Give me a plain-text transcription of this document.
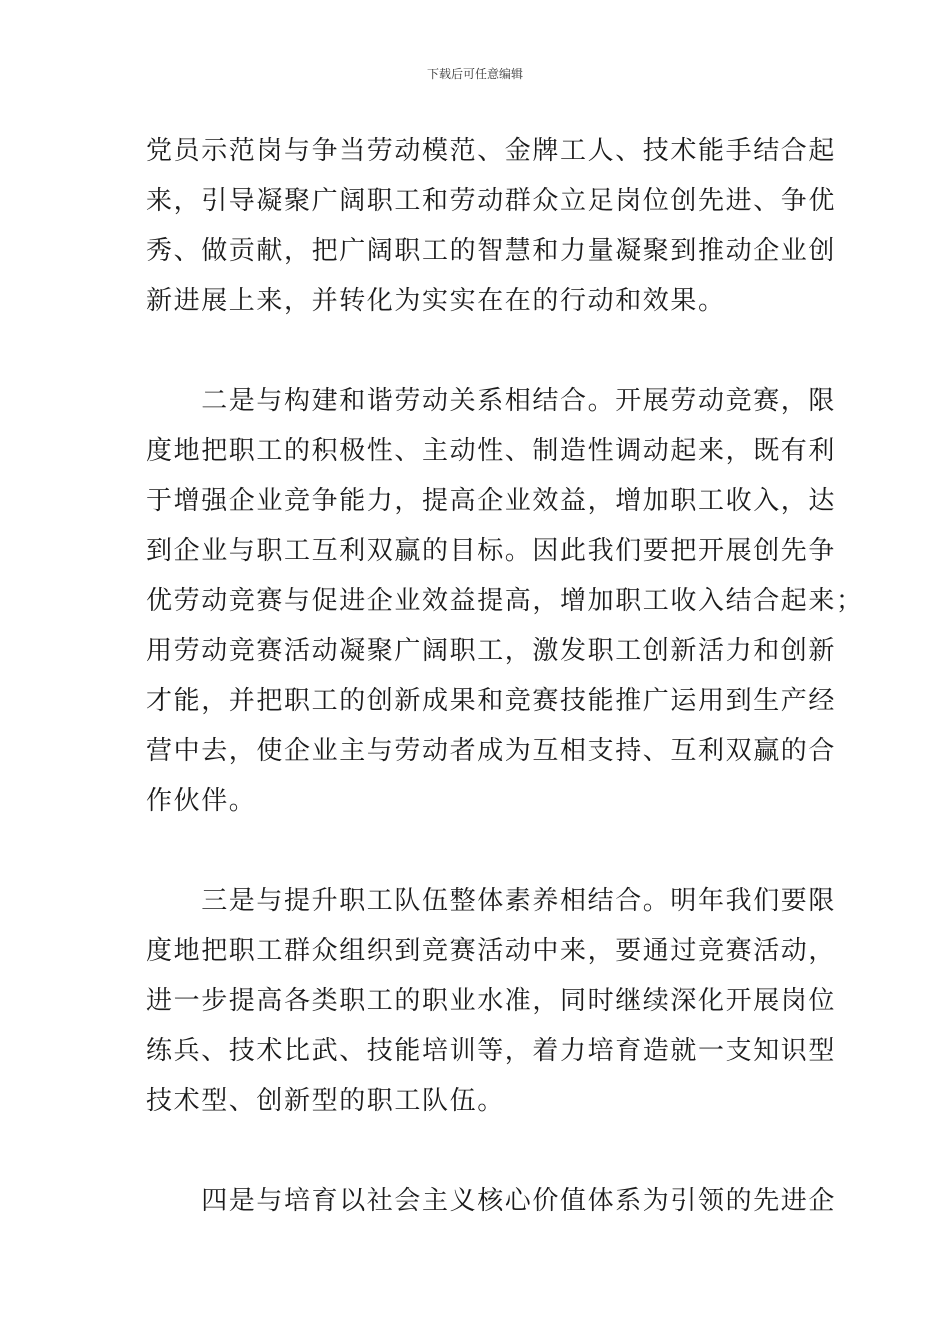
下载后可任意编辑
党员示范岗与争当劳动模范、金牌工人、技术能手结合起
来，引导凝聚广阔职工和劳动群众立足岗位创先进、争优
秀、做贡献，把广阔职工的智慧和力量凝聚到推动企业创
新进展上来，并转化为实实在在的行动和效果。
　　二是与构建和谐劳动关系相结合。开展劳动竞赛，限
度地把职工的积极性、主动性、制造性调动起来，既有利
于增强企业竞争能力，提高企业效益，增加职工收入，达
到企业与职工互利双赢的目标。因此我们要把开展创先争
优劳动竞赛与促进企业效益提高，增加职工收入结合起来；
用劳动竞赛活动凝聚广阔职工，激发职工创新活力和创新
才能，并把职工的创新成果和竞赛技能推广运用到生产经
营中去，使企业主与劳动者成为互相支持、互利双赢的合
作伙伴。
　　三是与提升职工队伍整体素养相结合。明年我们要限
度地把职工群众组织到竞赛活动中来，要通过竞赛活动，
进一步提高各类职工的职业水准，同时继续深化开展岗位
练兵、技术比武、技能培训等，着力培育造就一支知识型
技术型、创新型的职工队伍。
　　四是与培育以社会主义核心价值体系为引领的先进企
